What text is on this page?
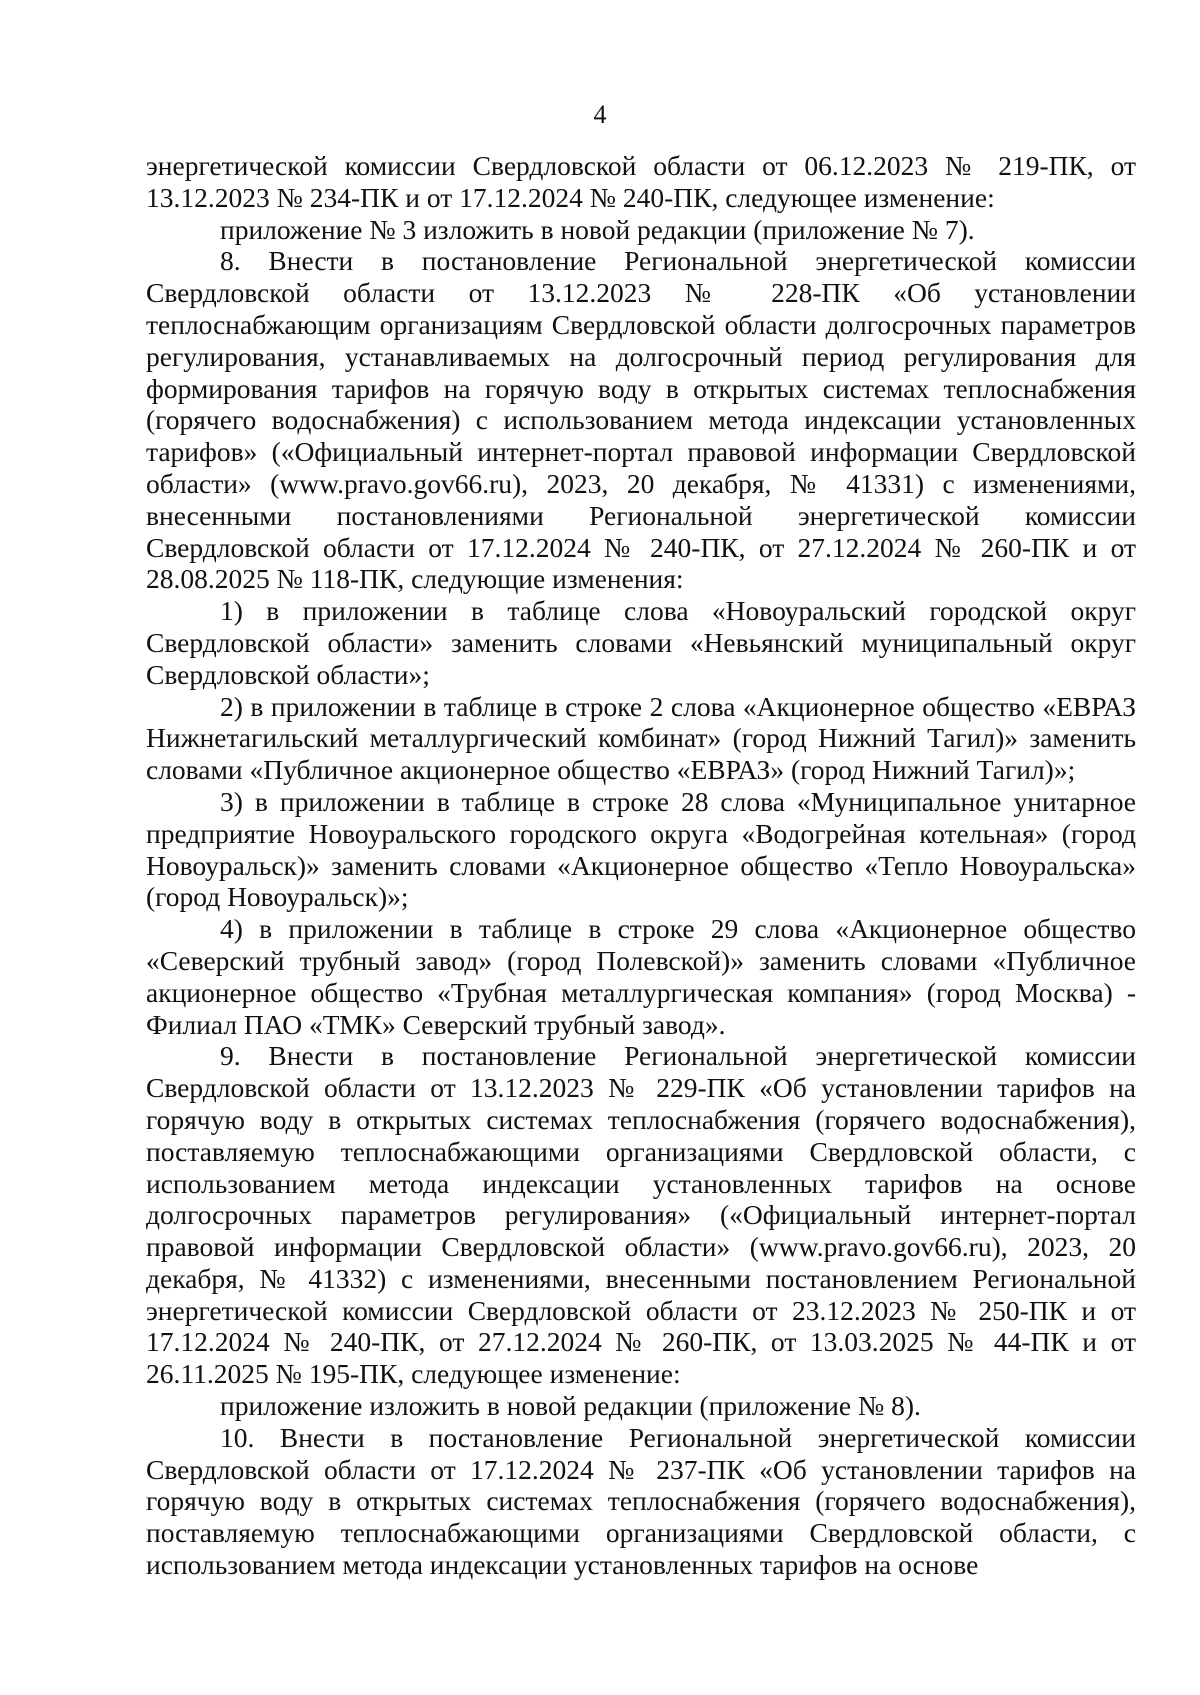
4

энергетической комиссии Свердловской области от 06.12.2023 № 219-ПК, от 13.12.2023 № 234-ПК и от 17.12.2024 № 240-ПК, следующее изменение:

приложение № 3 изложить в новой редакции (приложение № 7).

8. Внести в постановление Региональной энергетической комиссии Свердловской области от 13.12.2023 № 228-ПК «Об установлении теплоснабжающим организациям Свердловской области долгосрочных параметров регулирования, устанавливаемых на долгосрочный период регулирования для формирования тарифов на горячую воду в открытых системах теплоснабжения (горячего водоснабжения) с использованием метода индексации установленных тарифов» («Официальный интернет-портал правовой информации Свердловской области» (www.pravo.gov66.ru), 2023, 20 декабря, № 41331) с изменениями, внесенными постановлениями Региональной энергетической комиссии Свердловской области от 17.12.2024 № 240-ПК, от 27.12.2024 № 260-ПК и от 28.08.2025 № 118-ПК, следующие изменения:

1) в приложении в таблице слова «Новоуральский городской округ Свердловской области» заменить словами «Невьянский муниципальный округ Свердловской области»;

2) в приложении в таблице в строке 2 слова «Акционерное общество «ЕВРАЗ Нижнетагильский металлургический комбинат» (город Нижний Тагил)» заменить словами «Публичное акционерное общество «ЕВРАЗ» (город Нижний Тагил)»;

3) в приложении в таблице в строке 28 слова «Муниципальное унитарное предприятие Новоуральского городского округа «Водогрейная котельная» (город Новоуральск)» заменить словами «Акционерное общество «Тепло Новоуральска» (город Новоуральск)»;

4) в приложении в таблице в строке 29 слова «Акционерное общество «Северский трубный завод» (город Полевской)» заменить словами «Публичное акционерное общество «Трубная металлургическая компания» (город Москва) - Филиал ПАО «ТМК» Северский трубный завод».

9. Внести в постановление Региональной энергетической комиссии Свердловской области от 13.12.2023 № 229-ПК «Об установлении тарифов на горячую воду в открытых системах теплоснабжения (горячего водоснабжения), поставляемую теплоснабжающими организациями Свердловской области, с использованием метода индексации установленных тарифов на основе долгосрочных параметров регулирования» («Официальный интернет-портал правовой информации Свердловской области» (www.pravo.gov66.ru), 2023, 20 декабря, № 41332) с изменениями, внесенными постановлением Региональной энергетической комиссии Свердловской области от 23.12.2023 № 250-ПК и от 17.12.2024 № 240-ПК, от 27.12.2024 № 260-ПК, от 13.03.2025 № 44-ПК и от 26.11.2025 № 195-ПК, следующее изменение:

приложение изложить в новой редакции (приложение № 8).

10. Внести в постановление Региональной энергетической комиссии Свердловской области от 17.12.2024 № 237-ПК «Об установлении тарифов на горячую воду в открытых системах теплоснабжения (горячего водоснабжения), поставляемую теплоснабжающими организациями Свердловской области, с использованием метода индексации установленных тарифов на основе
